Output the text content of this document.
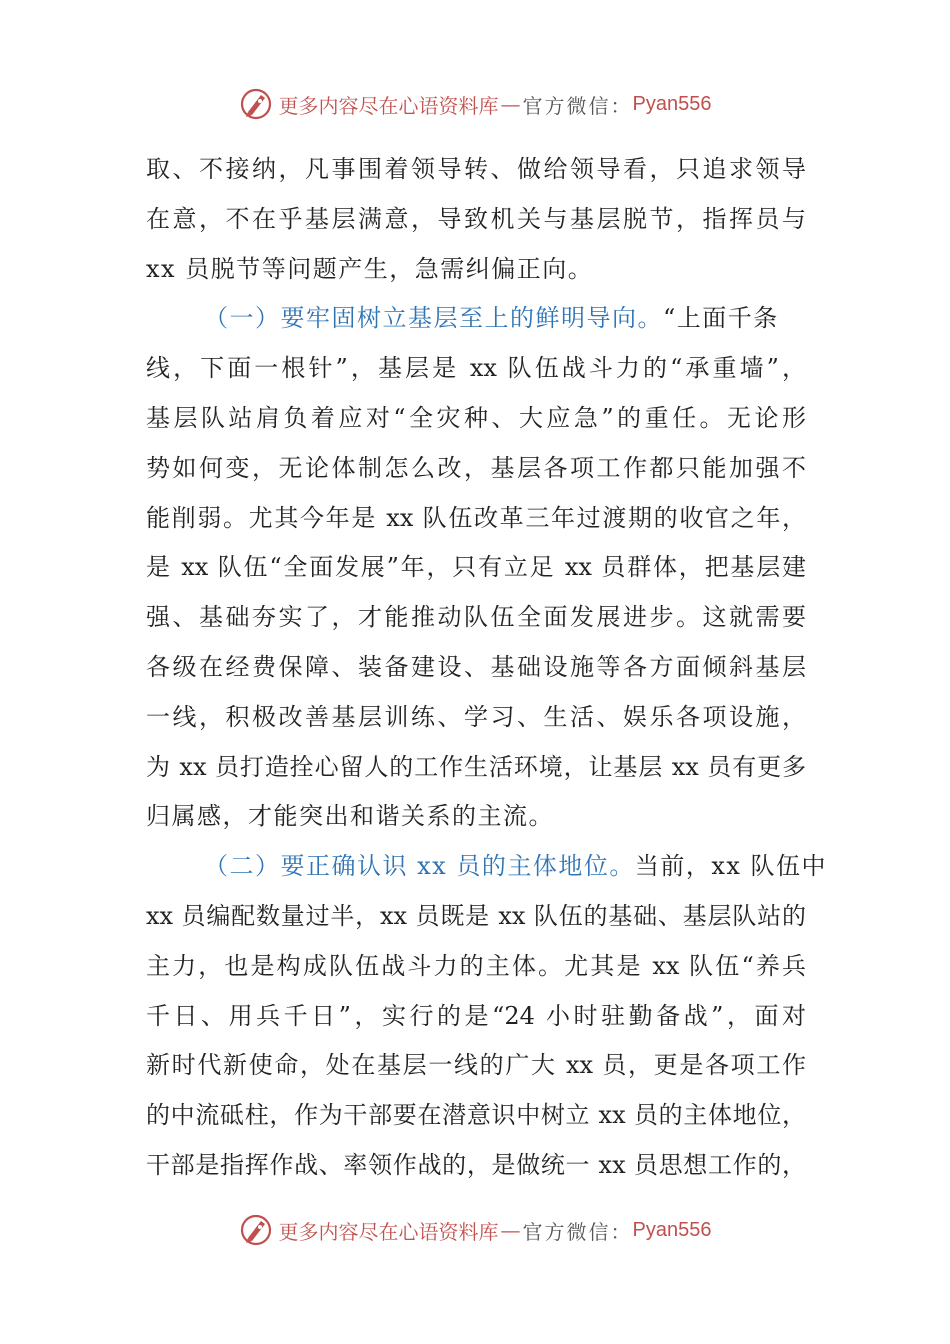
更多内容尽在心语资料库 — 官方微信： Pyan556
取、不接纳，凡事围着领导转、做给领导看，只追求领导
在意，不在乎基层满意，导致机关与基层脱节，指挥员与
xx 员脱节等问题产生，急需纠偏正向。
（一）要牢固树立基层至上的鲜明导向。“上面千条
线，下面一根针”，基层是 xx 队伍战斗力的“承重墙”，
基层队站肩负着应对“全灾种、大应急”的重任。无论形
势如何变，无论体制怎么改，基层各项工作都只能加强不
能削弱。尤其今年是 xx 队伍改革三年过渡期的收官之年，
是 xx 队伍“全面发展”年，只有立足 xx 员群体，把基层建
强、基础夯实了，才能推动队伍全面发展进步。这就需要
各级在经费保障、装备建设、基础设施等各方面倾斜基层
一线，积极改善基层训练、学习、生活、娱乐各项设施，
为 xx 员打造拴心留人的工作生活环境，让基层 xx 员有更多
归属感，才能突出和谐关系的主流。
（二）要正确认识 xx 员的主体地位。当前，xx 队伍中
xx 员编配数量过半，xx 员既是 xx 队伍的基础、基层队站的
主力，也是构成队伍战斗力的主体。尤其是 xx 队伍“养兵
千日、用兵千日”，实行的是“24 小时驻勤备战”，面对
新时代新使命，处在基层一线的广大 xx 员，更是各项工作
的中流砥柱，作为干部要在潜意识中树立 xx 员的主体地位，
干部是指挥作战、率领作战的，是做统一 xx 员思想工作的，
更多内容尽在心语资料库 — 官方微信： Pyan556
